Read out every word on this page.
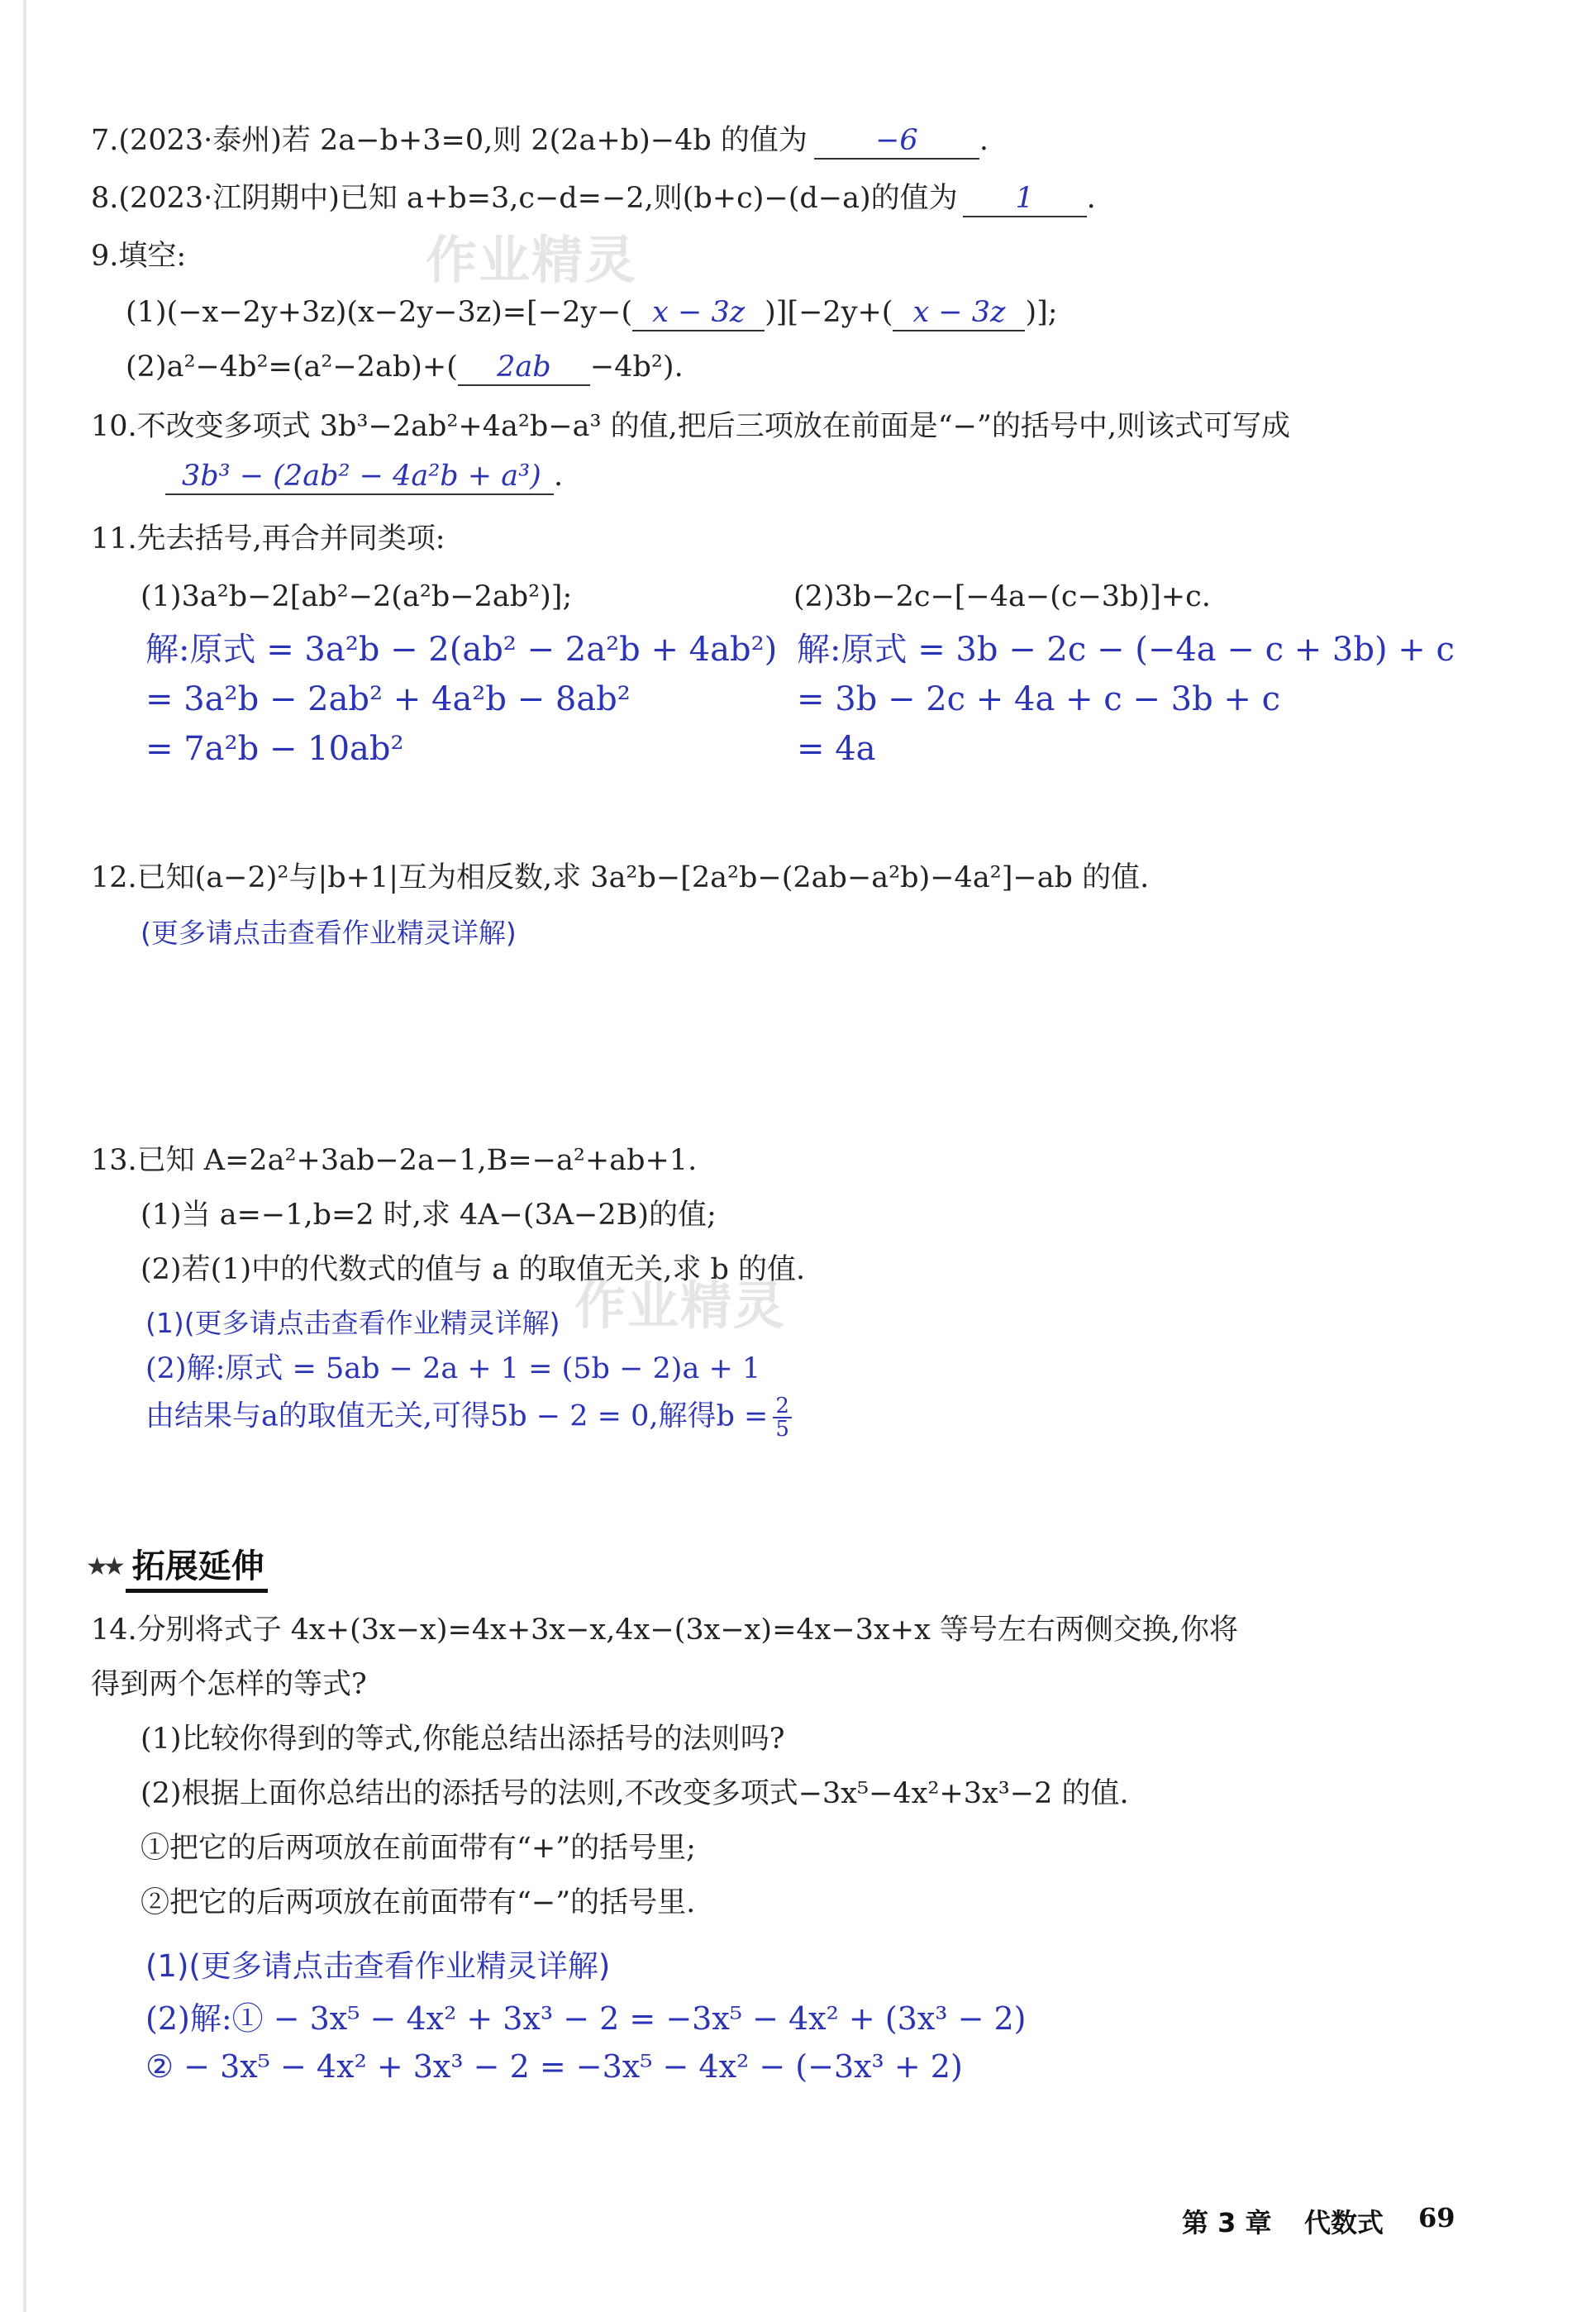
作业精灵
作业精灵
7.(2023·泰州)若 2a−b+3=0,则 2(2a+b)−4b 的值为 −6 .
8.(2023·江阴期中)已知 a+b=3,c−d=−2,则(b+c)−(d−a)的值为 1 .
9.填空:
(1)(−x−2y+3z)(x−2y−3z)=[−2y−( x − 3z )][−2y+( x − 3z )];
(2)a²−4b²=(a²−2ab)+( 2ab −4b²).
10.不改变多项式 3b³−2ab²+4a²b−a³ 的值,把后三项放在前面是“−”的括号中,则该式可写成
3b³ − (2ab² − 4a²b + a³) .
11.先去括号,再合并同类项:
(1)3a²b−2[ab²−2(a²b−2ab²)];	(2)3b−2c−[−4a−(c−3b)]+c.
解:原式 = 3a²b − 2(ab² − 2a²b + 4ab²)
= 3a²b − 2ab² + 4a²b − 8ab²
= 7a²b − 10ab²
解:原式 = 3b − 2c − (−4a − c + 3b) + c
= 3b − 2c + 4a + c − 3b + c
= 4a
12.已知(a−2)²与|b+1|互为相反数,求 3a²b−[2a²b−(2ab−a²b)−4a²]−ab 的值.
(更多请点击查看作业精灵详解)
13.已知 A=2a²+3ab−2a−1,B=−a²+ab+1.
(1)当 a=−1,b=2 时,求 4A−(3A−2B)的值;
(2)若(1)中的代数式的值与 a 的取值无关,求 b 的值.
(1)(更多请点击查看作业精灵详解)
(2)解:原式 = 5ab − 2a + 1 = (5b − 2)a + 1
由结果与a的取值无关,可得5b − 2 = 0,解得$b = \frac{2}{5}$
★★ 拓展延伸
14.分别将式子 4x+(3x−x)=4x+3x−x,4x−(3x−x)=4x−3x+x 等号左右两侧交换,你将
得到两个怎样的等式?
(1)比较你得到的等式,你能总结出添括号的法则吗?
(2)根据上面你总结出的添括号的法则,不改变多项式−3x⁵−4x²+3x³−2 的值.
①把它的后两项放在前面带有“+”的括号里;
②把它的后两项放在前面带有“−”的括号里.
(1)(更多请点击查看作业精灵详解)
(2)解:① − 3x⁵ − 4x² + 3x³ − 2 = −3x⁵ − 4x² + (3x³ − 2)
② − 3x⁵ − 4x² + 3x³ − 2 = −3x⁵ − 4x² − (−3x³ + 2)
第 3 章 代数式 69
